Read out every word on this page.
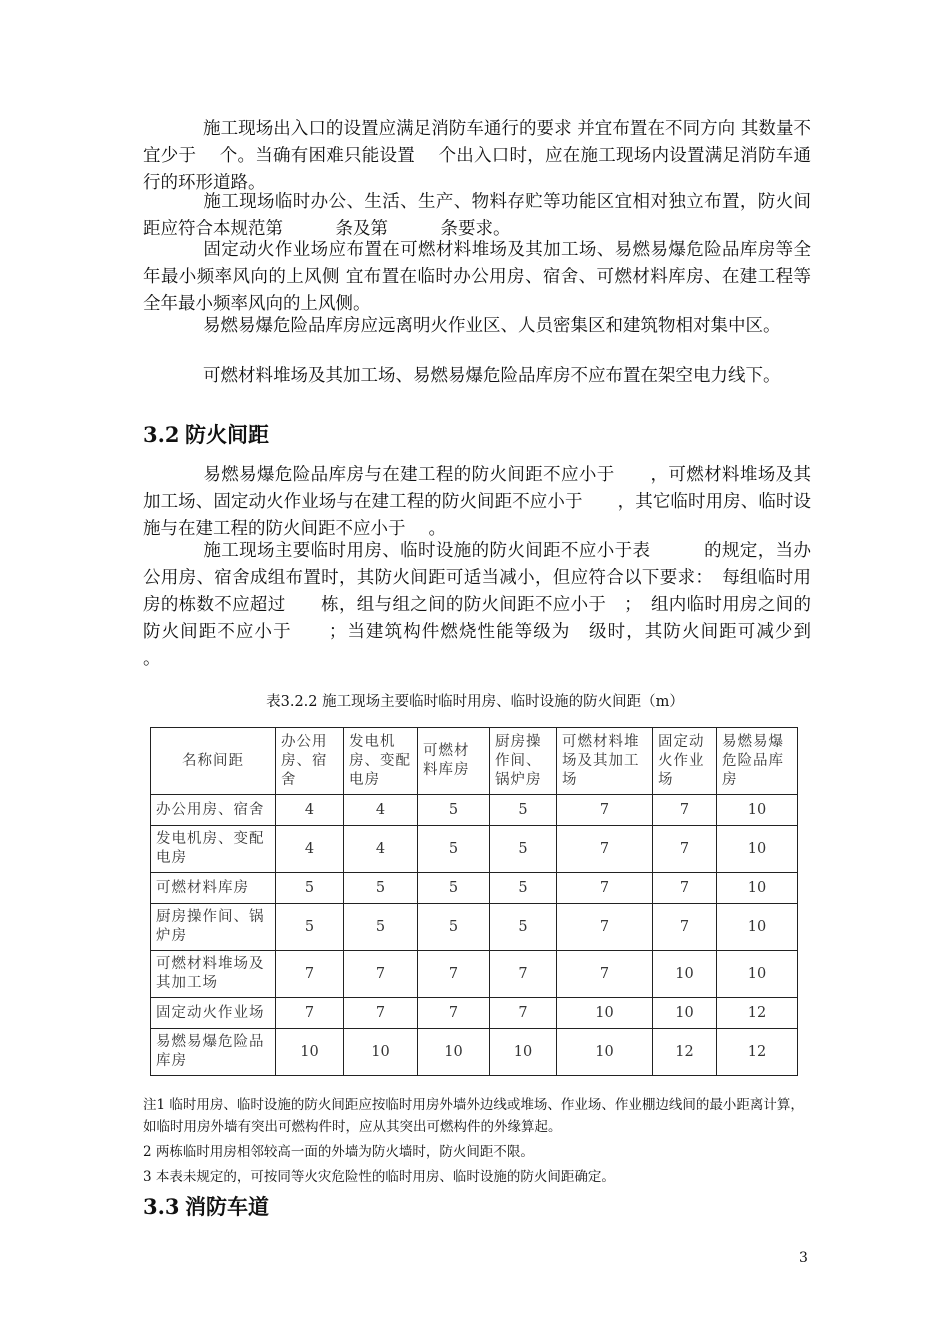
施工现场出入口的设置应满足消防车通行的要求 并宜布置在不同方向 其数量不宜少于　 个。当确有困难只能设置　 个出入口时，应在施工现场内设置满足消防车通行的环形道路。

施工现场临时办公、生活、生产、物料存贮等功能区宜相对独立布置，防火间距应符合本规范第　　　条及第　　　条要求。

固定动火作业场应布置在可燃材料堆场及其加工场、易燃易爆危险品库房等全年最小频率风向的上风侧 宜布置在临时办公用房、宿舍、可燃材料库房、在建工程等全年最小频率风向的上风侧。

易燃易爆危险品库房应远离明火作业区、人员密集区和建筑物相对集中区。

可燃材料堆场及其加工场、易燃易爆危险品库房不应布置在架空电力线下。

3.2 防火间距

易燃易爆危险品库房与在建工程的防火间距不应小于　　，可燃材料堆场及其加工场、固定动火作业场与在建工程的防火间距不应小于　　，其它临时用房、临时设施与在建工程的防火间距不应小于　 。

施工现场主要临时用房、临时设施的防火间距不应小于表　　　的规定，当办公用房、宿舍成组布置时，其防火间距可适当减小，但应符合以下要求：　每组临时用房的栋数不应超过　　栋，组与组之间的防火间距不应小于　；　组内临时用房之间的防火间距不应小于　　；当建筑构件燃烧性能等级为　级时，其防火间距可减少到　 。

表3.2.2 施工现场主要临时临时用房、临时设施的防火间距（m）

名称间距	办公用房、宿舍	发电机房、变配电房	可燃材料库房	厨房操作间、锅炉房	可燃材料堆场及其加工场	固定动火作业场	易燃易爆危险品库房
办公用房、宿舍	4	4	5	5	7	7	10
发电机房、变配电房	4	4	5	5	7	7	10
可燃材料库房	5	5	5	5	7	7	10
厨房操作间、锅炉房	5	5	5	5	7	7	10
可燃材料堆场及其加工场	7	7	7	7	7	10	10
固定动火作业场	7	7	7	7	10	10	12
易燃易爆危险品库房	10	10	10	10	10	12	12

注1 临时用房、临时设施的防火间距应按临时用房外墙外边线或堆场、作业场、作业棚边线间的最小距离计算，如临时用房外墙有突出可燃构件时，应从其突出可燃构件的外缘算起。

2 两栋临时用房相邻较高一面的外墙为防火墙时，防火间距不限。

3 本表未规定的，可按同等火灾危险性的临时用房、临时设施的防火间距确定。

3.3 消防车道

3
